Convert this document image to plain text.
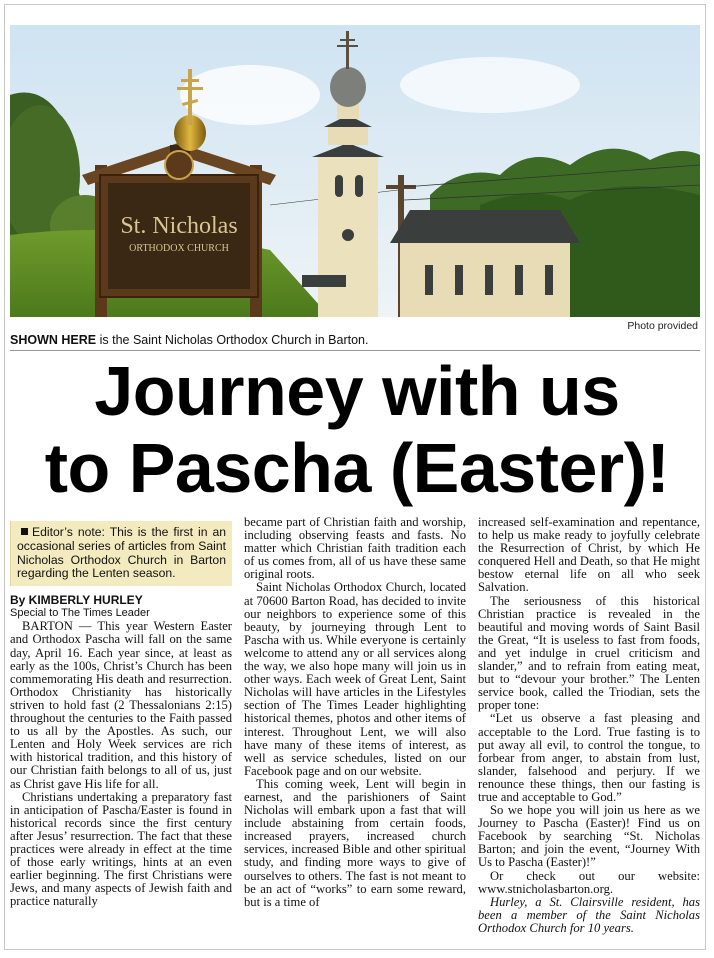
St. Nicholas
ORTHODOX CHURCH
Photo provided
SHOWN HERE is the Saint Nicholas Orthodox Church in Barton.
Journey with us
to Pascha (Easter)!
Editor’s note: This is the first in an occasional series of articles from Saint Nicholas Orthodox Church in Barton regarding the Lenten season.

By KIMBERLY HURLEY

Special to The Times Leader

BARTON — This year Western Easter and Orthodox Pascha will fall on the same day, April 16. Each year since, at least as early as the 100s, Christ’s Church has been commemorating His death and resurrection. Orthodox Christianity has historically striven to hold fast (2 Thessalonians 2:15) throughout the centuries to the Faith passed to us all by the Apostles. As such, our Lenten and Holy Week services are rich with historical tradition, and this history of our Christian faith belongs to all of us, just as Christ gave His life for all.

Christians undertaking a preparatory fast in anticipation of Pascha/Easter is found in historical records since the first century after Jesus’ resurrection. The fact that these practices were already in effect at the time of those early writings, hints at an even earlier beginning. The first Christians were Jews, and many aspects of Jewish faith and practice naturally

became part of Christian faith and worship, including observing feasts and fasts. No matter which Christian faith tradition each of us comes from, all of us have these same original roots.

Saint Nicholas Orthodox Church, located at 70600 Barton Road, has decided to invite our neighbors to experience some of this beauty, by journeying through Lent to Pascha with us. While everyone is certainly welcome to attend any or all services along the way, we also hope many will join us in other ways. Each week of Great Lent, Saint Nicholas will have articles in the Lifestyles section of The Times Leader highlighting historical themes, photos and other items of interest. Throughout Lent, we will also have many of these items of interest, as well as service schedules, listed on our Facebook page and on our website.

This coming week, Lent will begin in earnest, and the parishioners of Saint Nicholas will embark upon a fast that will include abstaining from certain foods, increased prayers, increased church services, increased Bible and other spiritual study, and finding more ways to give of ourselves to others. The fast is not meant to be an act of “works” to earn some reward, but is a time of

increased self-examination and repentance, to help us make ready to joyfully celebrate the Resurrection of Christ, by which He conquered Hell and Death, so that He might bestow eternal life on all who seek Salvation.

The seriousness of this historical Christian practice is revealed in the beautiful and moving words of Saint Basil the Great, “It is useless to fast from foods, and yet indulge in cruel criticism and slander,” and to refrain from eating meat, but to “devour your brother.” The Lenten service book, called the Triodian, sets the proper tone:

“Let us observe a fast pleasing and acceptable to the Lord. True fasting is to put away all evil, to control the tongue, to forbear from anger, to abstain from lust, slander, falsehood and perjury. If we renounce these things, then our fasting is true and acceptable to God.”

So we hope you will join us here as we Journey to Pascha (Easter)! Find us on Facebook by searching “St. Nicholas Barton; and join the event, “Journey With Us to Pascha (Easter)!”

Or check out our website: www.stnicholasbarton.org.

Hurley, a St. Clairsville resident, has been a member of the Saint Nicholas Orthodox Church for 10 years.
